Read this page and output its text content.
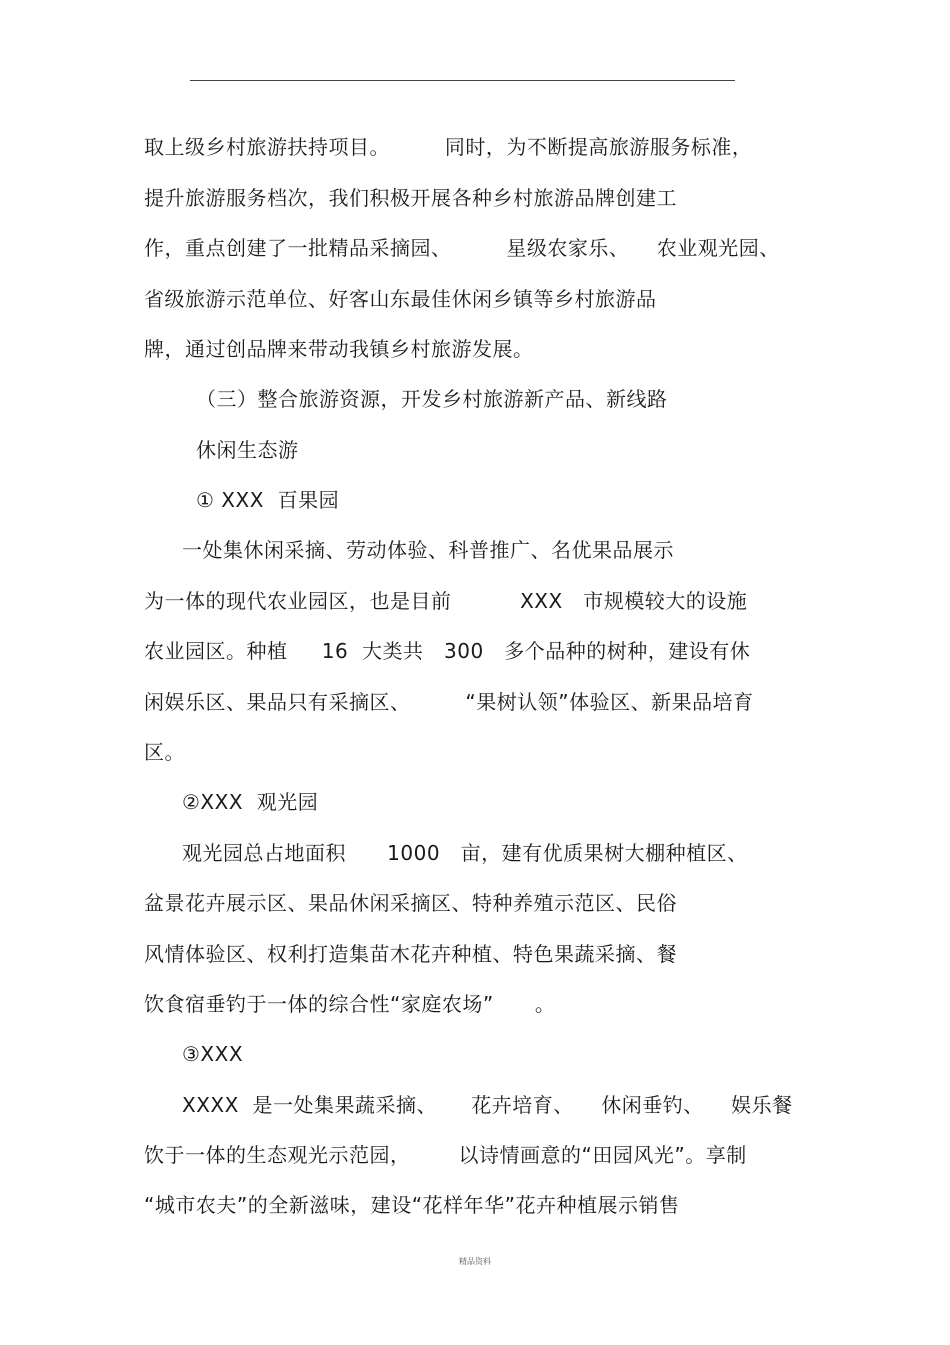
取上级乡村旅游扶持项目。        同时，为不断提高旅游服务标准，
提升旅游服务档次，我们积极开展各种乡村旅游品牌创建工
作，重点创建了一批精品采摘园、        星级农家乐、    农业观光园、
省级旅游示范单位、好客山东最佳休闲乡镇等乡村旅游品
牌，通过创品牌来带动我镇乡村旅游发展。
（三）整合旅游资源，开发乡村旅游新产品、新线路
休闲生态游
① XXX  百果园
一处集休闲采摘、劳动体验、科普推广、名优果品展示
为一体的现代农业园区，也是目前          XXX   市规模较大的设施
农业园区。种植     16  大类共   300   多个品种的树种，建设有休
闲娱乐区、果品只有采摘区、        “果树认领”体验区、新果品培育
区。
②XXX  观光园
观光园总占地面积      1000   亩，建有优质果树大棚种植区、
盆景花卉展示区、果品休闲采摘区、特种养殖示范区、民俗
风情体验区、权利打造集苗木花卉种植、特色果蔬采摘、餐
饮食宿垂钓于一体的综合性“家庭农场”      。
③XXX
XXXX  是一处集果蔬采摘、     花卉培育、    休闲垂钓、    娱乐餐
饮于一体的生态观光示范园，       以诗情画意的“田园风光”。享制
“城市农夫”的全新滋味，建设“花样年华”花卉种植展示销售
精品资料
